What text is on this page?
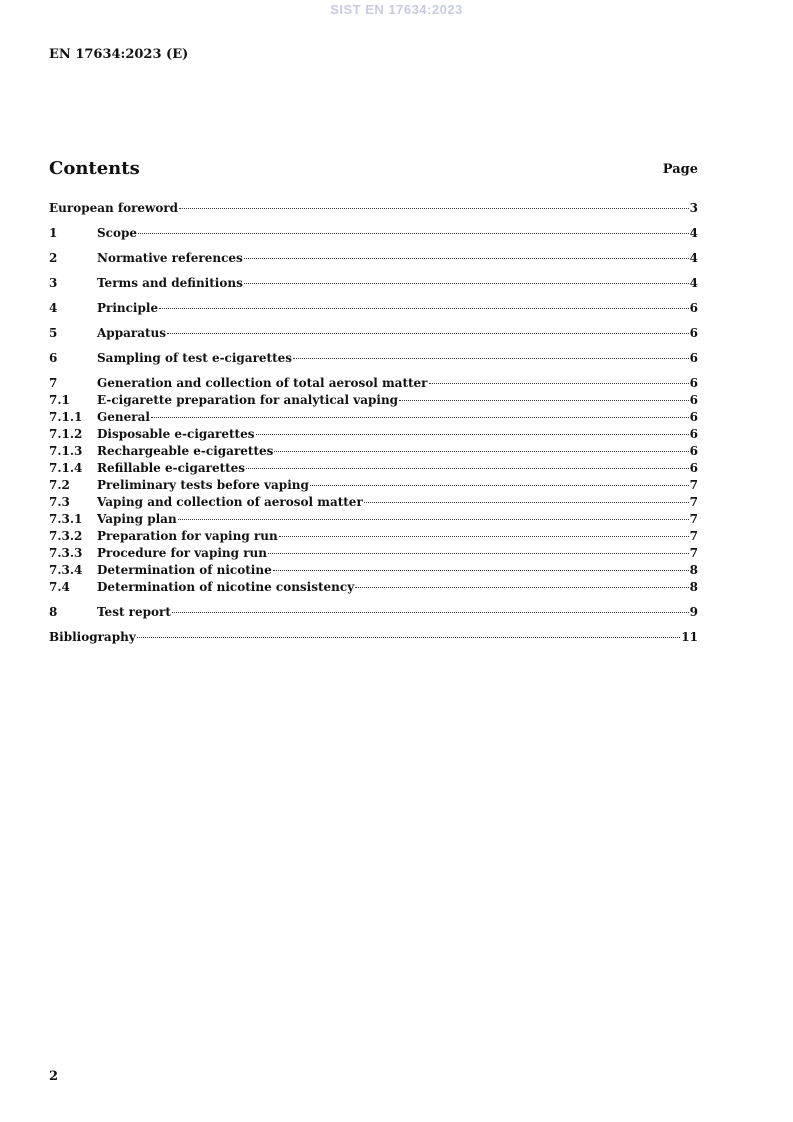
SIST EN 17634:2023
EN 17634:2023 (E)
Contents	Page
European foreword	3
1	Scope	4
2	Normative references	4
3	Terms and definitions	4
4	Principle	6
5	Apparatus	6
6	Sampling of test e-cigarettes	6
7	Generation and collection of total aerosol matter	6
7.1	E-cigarette preparation for analytical vaping	6
7.1.1	General	6
7.1.2	Disposable e-cigarettes	6
7.1.3	Rechargeable e-cigarettes	6
7.1.4	Refillable e-cigarettes	6
7.2	Preliminary tests before vaping	7
7.3	Vaping and collection of aerosol matter	7
7.3.1	Vaping plan	7
7.3.2	Preparation for vaping run	7
7.3.3	Procedure for vaping run	7
7.3.4	Determination of nicotine	8
7.4	Determination of nicotine consistency	8
8	Test report	9
Bibliography	11
2
